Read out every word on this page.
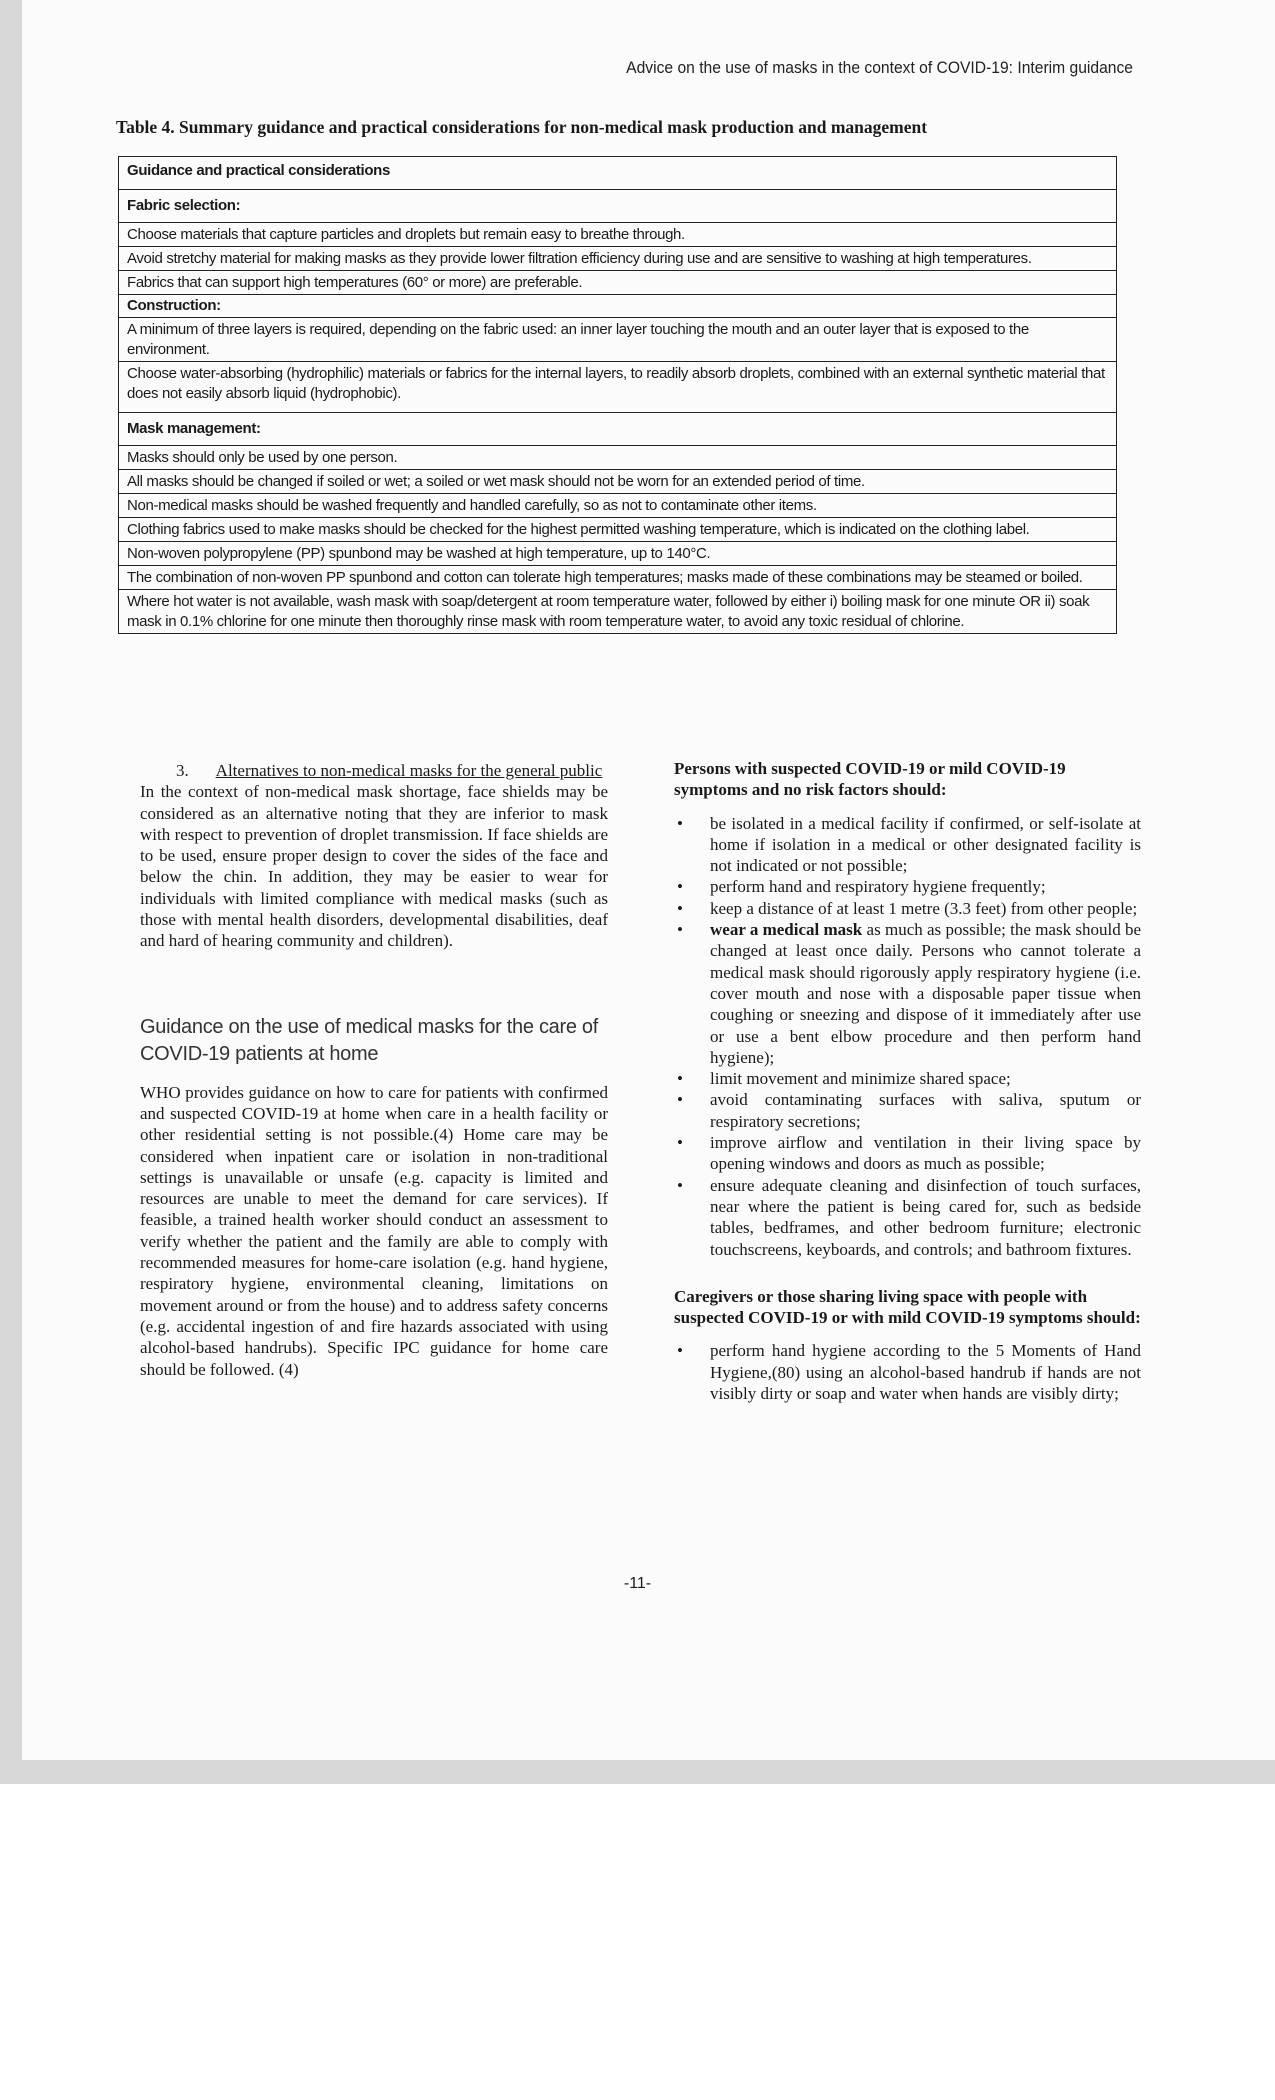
Advice on the use of masks in the context of COVID-19: Interim guidance
Table 4. Summary guidance and practical considerations for non-medical mask production and management
Guidance and practical considerations
Fabric selection:
Choose materials that capture particles and droplets but remain easy to breathe through.
Avoid stretchy material for making masks as they provide lower filtration efficiency during use and are sensitive to washing at high temperatures.
Fabrics that can support high temperatures (60° or more) are preferable.
Construction:
A minimum of three layers is required, depending on the fabric used: an inner layer touching the mouth and an outer layer that is exposed to the environment.
Choose water-absorbing (hydrophilic) materials or fabrics for the internal layers, to readily absorb droplets, combined with an external synthetic material that does not easily absorb liquid (hydrophobic).
Mask management:
Masks should only be used by one person.
All masks should be changed if soiled or wet; a soiled or wet mask should not be worn for an extended period of time.
Non-medical masks should be washed frequently and handled carefully, so as not to contaminate other items.
Clothing fabrics used to make masks should be checked for the highest permitted washing temperature, which is indicated on the clothing label.
Non-woven polypropylene (PP) spunbond may be washed at high temperature, up to 140°C.
The combination of non-woven PP spunbond and cotton can tolerate high temperatures; masks made of these combinations may be steamed or boiled.
Where hot water is not available, wash mask with soap/detergent at room temperature water, followed by either i) boiling mask for one minute OR ii) soak mask in 0.1% chlorine for one minute then thoroughly rinse mask with room temperature water, to avoid any toxic residual of chlorine.
3.	Alternatives to non-medical masks for the general public

In the context of non-medical mask shortage, face shields may be considered as an alternative noting that they are inferior to mask with respect to prevention of droplet transmission. If face shields are to be used, ensure proper design to cover the sides of the face and below the chin. In addition, they may be easier to wear for individuals with limited compliance with medical masks (such as those with mental health disorders, developmental disabilities, deaf and hard of hearing community and children).

Guidance on the use of medical masks for the care of COVID-19 patients at home

WHO provides guidance on how to care for patients with confirmed and suspected COVID-19 at home when care in a health facility or other residential setting is not possible.(4) Home care may be considered when inpatient care or isolation in non-traditional settings is unavailable or unsafe (e.g. capacity is limited and resources are unable to meet the demand for care services). If feasible, a trained health worker should conduct an assessment to verify whether the patient and the family are able to comply with recommended measures for home-care isolation (e.g. hand hygiene, respiratory hygiene, environmental cleaning, limitations on movement around or from the house) and to address safety concerns (e.g. accidental ingestion of and fire hazards associated with using alcohol-based handrubs). Specific IPC guidance for home care should be followed. (4)

Persons with suspected COVID-19 or mild COVID-19 symptoms and no risk factors should:

• be isolated in a medical facility if confirmed, or self-isolate at home if isolation in a medical or other designated facility is not indicated or not possible;
• perform hand and respiratory hygiene frequently;
• keep a distance of at least 1 metre (3.3 feet) from other people;
• wear a medical mask as much as possible; the mask should be changed at least once daily. Persons who cannot tolerate a medical mask should rigorously apply respiratory hygiene (i.e. cover mouth and nose with a disposable paper tissue when coughing or sneezing and dispose of it immediately after use or use a bent elbow procedure and then perform hand hygiene);
• limit movement and minimize shared space;
• avoid contaminating surfaces with saliva, sputum or respiratory secretions;
• improve airflow and ventilation in their living space by opening windows and doors as much as possible;
• ensure adequate cleaning and disinfection of touch surfaces, near where the patient is being cared for, such as bedside tables, bedframes, and other bedroom furniture; electronic touchscreens, keyboards, and controls; and bathroom fixtures.

Caregivers or those sharing living space with people with suspected COVID-19 or with mild COVID-19 symptoms should:

• perform hand hygiene according to the 5 Moments of Hand Hygiene,(80) using an alcohol-based handrub if hands are not visibly dirty or soap and water when hands are visibly dirty;
-11-
